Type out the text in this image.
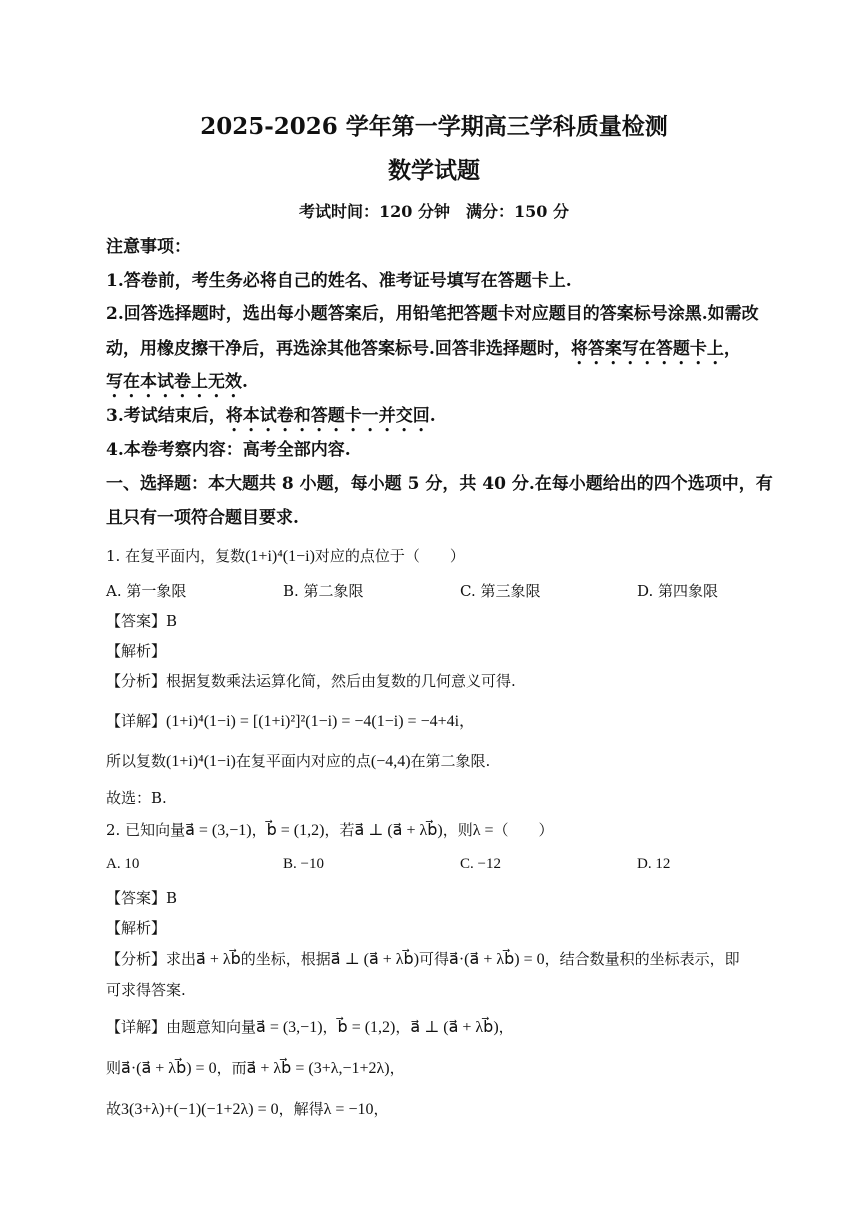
2025-2026 学年第一学期高三学科质量检测
数学试题
考试时间：120 分钟　满分：150 分
注意事项：
1.答卷前，考生务必将自己的姓名、准考证号填写在答题卡上.
2.回答选择题时，选出每小题答案后，用铅笔把答题卡对应题目的答案标号涂黑.如需改
动，用橡皮擦干净后，再选涂其他答案标号.回答非选择题时，将答案写在答题卡上，
写在本试卷上无效.
3.考试结束后，将本试卷和答题卡一并交回.
4.本卷考察内容：高考全部内容.
一、选择题：本大题共 8 小题，每小题 5 分，共 40 分.在每小题给出的四个选项中，有
且只有一项符合题目要求.
1. 在复平面内，复数(1+i)⁴(1−i)对应的点位于（　　）
A. 第一象限	B. 第二象限	C. 第三象限	D. 第四象限
【答案】B
【解析】
【分析】根据复数乘法运算化简，然后由复数的几何意义可得.
【详解】(1+i)⁴(1−i) = [(1+i)²]²(1−i) = −4(1−i) = −4+4i，
所以复数(1+i)⁴(1−i)在复平面内对应的点(−4,4)在第二象限.
故选：B.
2. 已知向量a⃗ = (3,−1)，b⃗ = (1,2)，若a⃗ ⊥ (a⃗ + λb⃗)，则λ =（　　）
A. 10	B. −10	C. −12	D. 12
【答案】B
【解析】
【分析】求出a⃗ + λb⃗的坐标，根据a⃗ ⊥ (a⃗ + λb⃗)可得a⃗·(a⃗ + λb⃗) = 0，结合数量积的坐标表示，即
可求得答案.
【详解】由题意知向量a⃗ = (3,−1)，b⃗ = (1,2)，a⃗ ⊥ (a⃗ + λb⃗)，
则a⃗·(a⃗ + λb⃗) = 0，而a⃗ + λb⃗ = (3+λ,−1+2λ)，
故3(3+λ)+(−1)(−1+2λ) = 0，解得λ = −10，
